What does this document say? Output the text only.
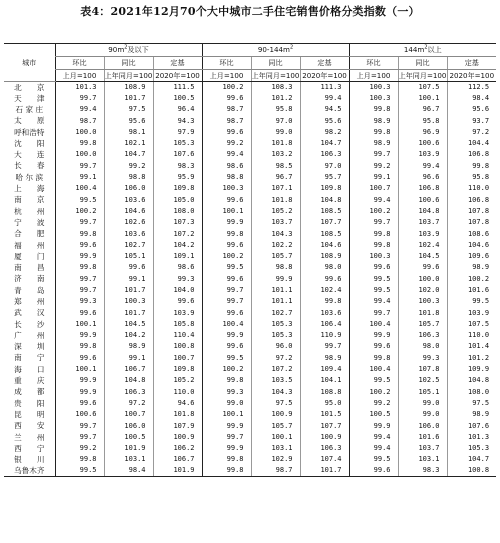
表4：2021年12月70个大中城市二手住宅销售价格分类指数（一）
城市	$90m^2$及以下			$90-144m^2$			$144m^2$以上		
	环比	同比	定基	环比	同比	定基	环比	同比	定基
	上月=100	上年同月=100	2020年=100	上月=100	上年同月=100	2020年=100	上月=100	上年同月=100	2020年=100
北　　京	101.3	108.9	111.5	100.2	108.3	111.3	100.3	107.5	112.5
天　　津	99.7	101.7	100.5	99.6	101.2	99.4	100.3	100.1	98.4
石 家 庄	99.4	97.5	96.4	98.7	95.8	94.5	99.8	96.7	95.6
太　　原	98.7	95.6	94.3	98.7	97.0	95.6	98.9	95.8	93.7
呼和浩特	100.0	98.1	97.9	99.6	99.0	98.2	99.8	96.9	97.2
沈　　阳	99.8	102.1	105.3	99.2	101.8	104.7	98.9	100.6	104.4
大　　连	100.0	104.7	107.6	99.4	103.2	106.3	99.7	103.9	106.8
长　　春	99.7	99.2	98.3	98.6	98.5	97.0	99.2	99.4	99.8
哈 尔 滨	99.1	98.8	95.9	98.8	96.7	95.7	99.1	96.6	95.8
上　　海	100.4	106.0	109.8	100.3	107.1	109.8	100.7	106.8	110.0
南　　京	99.5	103.6	105.0	99.6	101.8	104.8	99.4	100.6	106.8
杭　　州	100.2	104.6	108.0	100.1	105.2	108.5	100.2	104.8	107.8
宁　　波	99.7	102.6	107.3	99.9	103.7	107.7	99.7	103.7	107.8
合　　肥	99.8	103.6	107.2	99.8	104.3	108.5	99.8	103.9	108.6
福　　州	99.6	102.7	104.2	99.6	102.2	104.6	99.8	102.4	104.6
厦　　门	99.9	105.1	109.1	100.2	105.7	108.9	100.3	104.5	109.6
南　　昌	99.8	99.6	98.6	99.5	98.8	98.0	99.6	99.6	98.9
济　　南	99.7	99.1	99.3	99.6	99.9	99.6	99.5	100.0	100.2
青　　岛	99.7	101.7	104.0	99.7	101.1	102.4	99.5	102.0	101.6
郑　　州	99.3	100.3	99.6	99.7	101.1	99.8	99.4	100.3	99.5
武　　汉	99.6	101.7	103.9	99.6	102.7	103.6	99.7	101.8	103.9
长　　沙	100.1	104.5	105.8	100.4	105.3	106.4	100.4	105.7	107.5
广　　州	99.9	104.2	110.4	99.9	105.3	110.9	99.9	106.3	110.0
深　　圳	99.8	98.9	100.8	99.6	96.0	99.7	99.6	98.0	101.4
南　　宁	99.6	99.1	100.7	99.5	97.2	98.9	99.8	99.3	101.2
海　　口	100.1	106.7	109.8	100.2	107.2	109.4	100.4	107.8	109.9
重　　庆	99.9	104.8	105.2	99.8	103.5	104.1	99.5	102.5	104.8
成　　都	99.9	106.3	110.0	99.3	104.3	108.8	100.2	105.1	108.0
贵　　阳	99.6	97.2	94.6	99.0	97.5	95.0	99.2	99.0	97.5
昆　　明	100.6	100.7	101.8	100.1	100.9	101.5	100.5	99.0	98.9
西　　安	99.7	106.0	107.9	99.9	105.7	107.7	99.9	106.0	107.6
兰　　州	99.7	100.5	100.9	99.7	100.1	100.9	99.4	101.6	101.3
西　　宁	99.2	101.9	106.2	99.9	103.1	106.3	99.4	103.7	105.3
银　　川	99.8	103.1	106.7	99.8	102.9	107.4	99.5	103.1	104.7
乌鲁木齐	99.5	98.4	101.9	99.8	98.7	101.7	99.6	98.3	100.8
